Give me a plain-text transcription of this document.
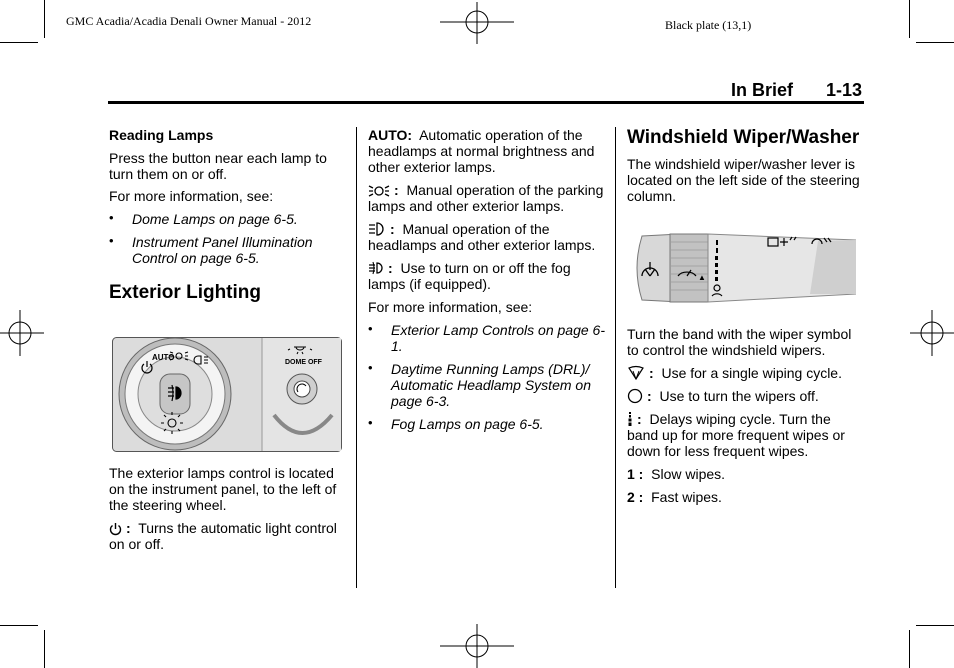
GMC Acadia/Acadia Denali Owner Manual - 2012	Black plate (13,1)
In Brief 1-13

Reading Lamps

Press the button near each lamp to turn them on or off.

For more information, see:

• Dome Lamps on page 6-5.
• Instrument Panel Illumination Control on page 6-5.

Exterior Lighting

AUTO
DOME OFF

The exterior lamps control is located on the instrument panel, to the left of the steering wheel.

: Turns the automatic light control on or off.

AUTO: Automatic operation of the headlamps at normal brightness and other exterior lamps.

: Manual operation of the parking lamps and other exterior lamps.

: Manual operation of the headlamps and other exterior lamps.

: Use to turn on or off the fog lamps (if equipped).

For more information, see:

• Exterior Lamp Controls on page 6-1.
• Daytime Running Lamps (DRL)/ Automatic Headlamp System on page 6-3.
• Fog Lamps on page 6-5.

Windshield Wiper/Washer

The windshield wiper/washer lever is located on the left side of the steering column.

▲

Turn the band with the wiper symbol to control the windshield wipers.

: Use for a single wiping cycle.

: Use to turn the wipers off.

: Delays wiping cycle. Turn the band up for more frequent wipes or down for less frequent wipes.

1 : Slow wipes.

2 : Fast wipes.
